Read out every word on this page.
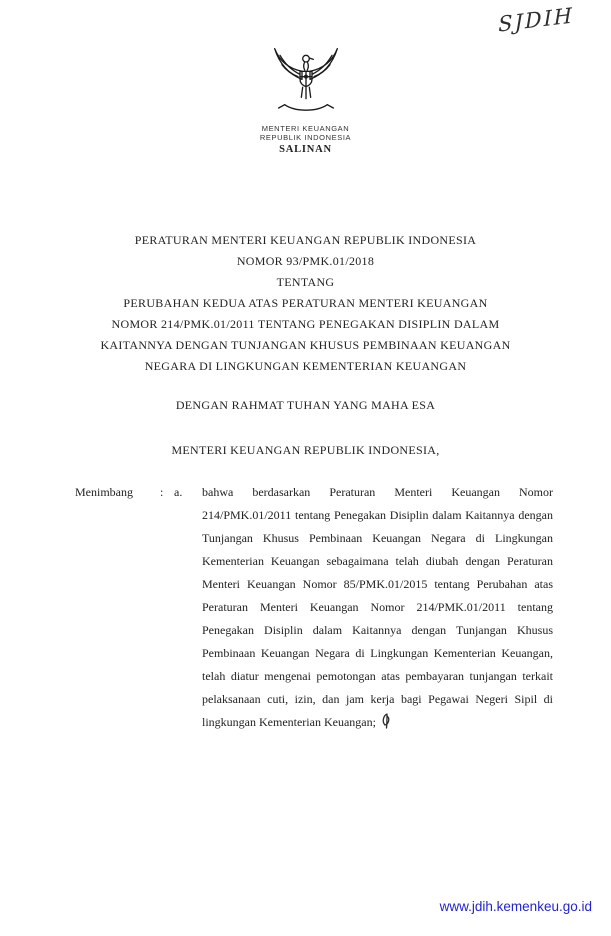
SJDIH
MENTERI KEUANGAN
REPUBLIK INDONESIA
SALINAN
PERATURAN MENTERI KEUANGAN REPUBLIK INDONESIA
NOMOR 93/PMK.01/2018
TENTANG
PERUBAHAN KEDUA ATAS PERATURAN MENTERI KEUANGAN
NOMOR 214/PMK.01/2011 TENTANG PENEGAKAN DISIPLIN DALAM
KAITANNYA DENGAN TUNJANGAN KHUSUS PEMBINAAN KEUANGAN
NEGARA DI LINGKUNGAN KEMENTERIAN KEUANGAN
DENGAN RAHMAT TUHAN YANG MAHA ESA
MENTERI KEUANGAN REPUBLIK INDONESIA,
Menimbang	: a.	bahwa berdasarkan Peraturan Menteri Keuangan Nomor 214/PMK.01/2011 tentang Penegakan Disiplin dalam Kaitannya dengan Tunjangan Khusus Pembinaan Keuangan Negara di Lingkungan Kementerian Keuangan sebagaimana telah diubah dengan Peraturan Menteri Keuangan Nomor 85/PMK.01/2015 tentang Perubahan atas Peraturan Menteri Keuangan Nomor 214/PMK.01/2011 tentang Penegakan Disiplin dalam Kaitannya dengan Tunjangan Khusus Pembinaan Keuangan Negara di Lingkungan Kementerian Keuangan, telah diatur mengenai pemotongan atas pembayaran tunjangan terkait pelaksanaan cuti, izin, dan jam kerja bagi Pegawai Negeri Sipil di lingkungan Kementerian Keuangan;
www.jdih.kemenkeu.go.id
